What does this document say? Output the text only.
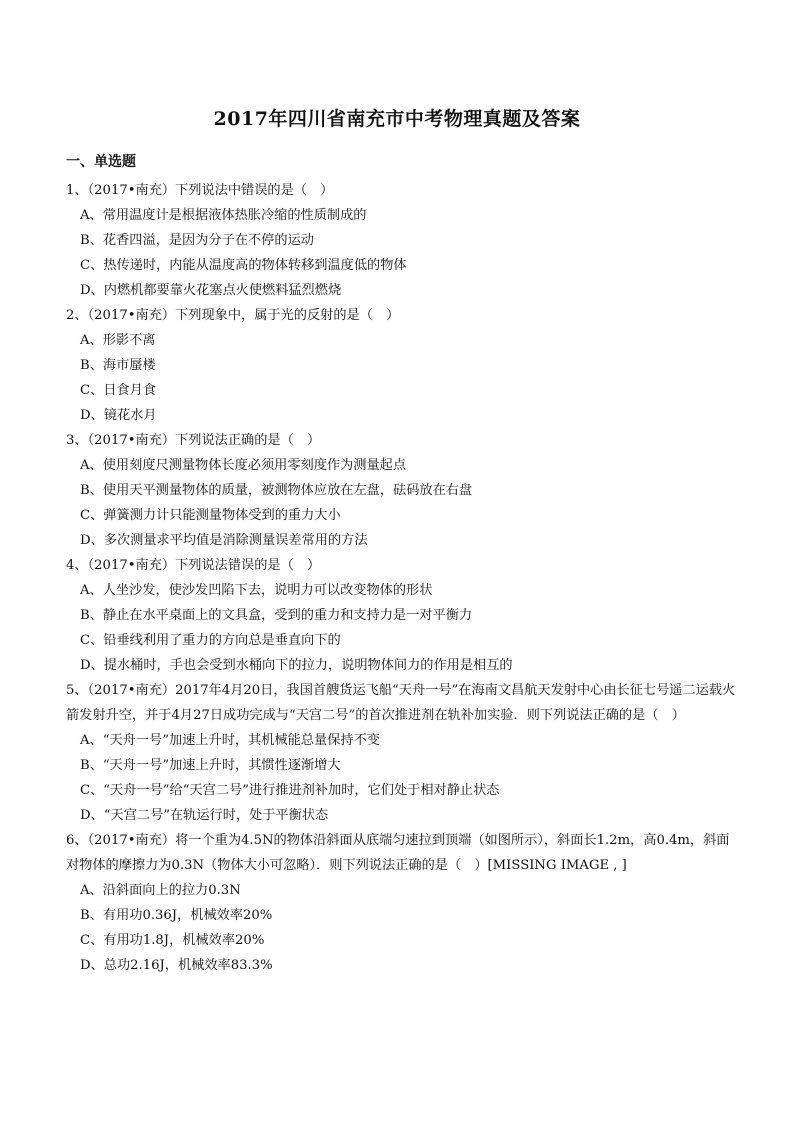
2017年四川省南充市中考物理真题及答案
一、单选题

1、（2017•南充）下列说法中错误的是（　）

A、常用温度计是根据液体热胀冷缩的性质制成的

B、花香四溢，是因为分子在不停的运动

C、热传递时，内能从温度高的物体转移到温度低的物体

D、内燃机都要靠火花塞点火使燃料猛烈燃烧

2、（2017•南充）下列现象中，属于光的反射的是（　）

A、形影不离

B、海市蜃楼

C、日食月食

D、镜花水月

3、（2017•南充）下列说法正确的是（　）

A、使用刻度尺测量物体长度必须用零刻度作为测量起点

B、使用天平测量物体的质量，被测物体应放在左盘，砝码放在右盘

C、弹簧测力计只能测量物体受到的重力大小

D、多次测量求平均值是消除测量误差常用的方法

4、（2017•南充）下列说法错误的是（　）

A、人坐沙发，使沙发凹陷下去，说明力可以改变物体的形状

B、静止在水平桌面上的文具盒，受到的重力和支持力是一对平衡力

C、铅垂线利用了重力的方向总是垂直向下的

D、提水桶时，手也会受到水桶向下的拉力，说明物体间力的作用是相互的

5、（2017•南充）2017年4月20日，我国首艘货运飞船“天舟一号”在海南文昌航天发射中心由长征七号遥二运载火箭发射升空，并于4月27日成功完成与“天宫二号”的首次推进剂在轨补加实验．则下列说法正确的是（　）

A、“天舟一号”加速上升时，其机械能总量保持不变

B、“天舟一号”加速上升时，其惯性逐渐增大

C、“天舟一号”给“天宫二号”进行推进剂补加时，它们处于相对静止状态

D、“天宫二号”在轨运行时，处于平衡状态

6、（2017•南充）将一个重为4.5N的物体沿斜面从底端匀速拉到顶端（如图所示），斜面长1.2m，高0.4m，斜面对物体的摩擦力为0.3N（物体大小可忽略）．则下列说法正确的是（　）[MISSING IMAGE , ]

A、沿斜面向上的拉力0.3N

B、有用功0.36J，机械效率20%

C、有用功1.8J，机械效率20%

D、总功2.16J，机械效率83.3%
